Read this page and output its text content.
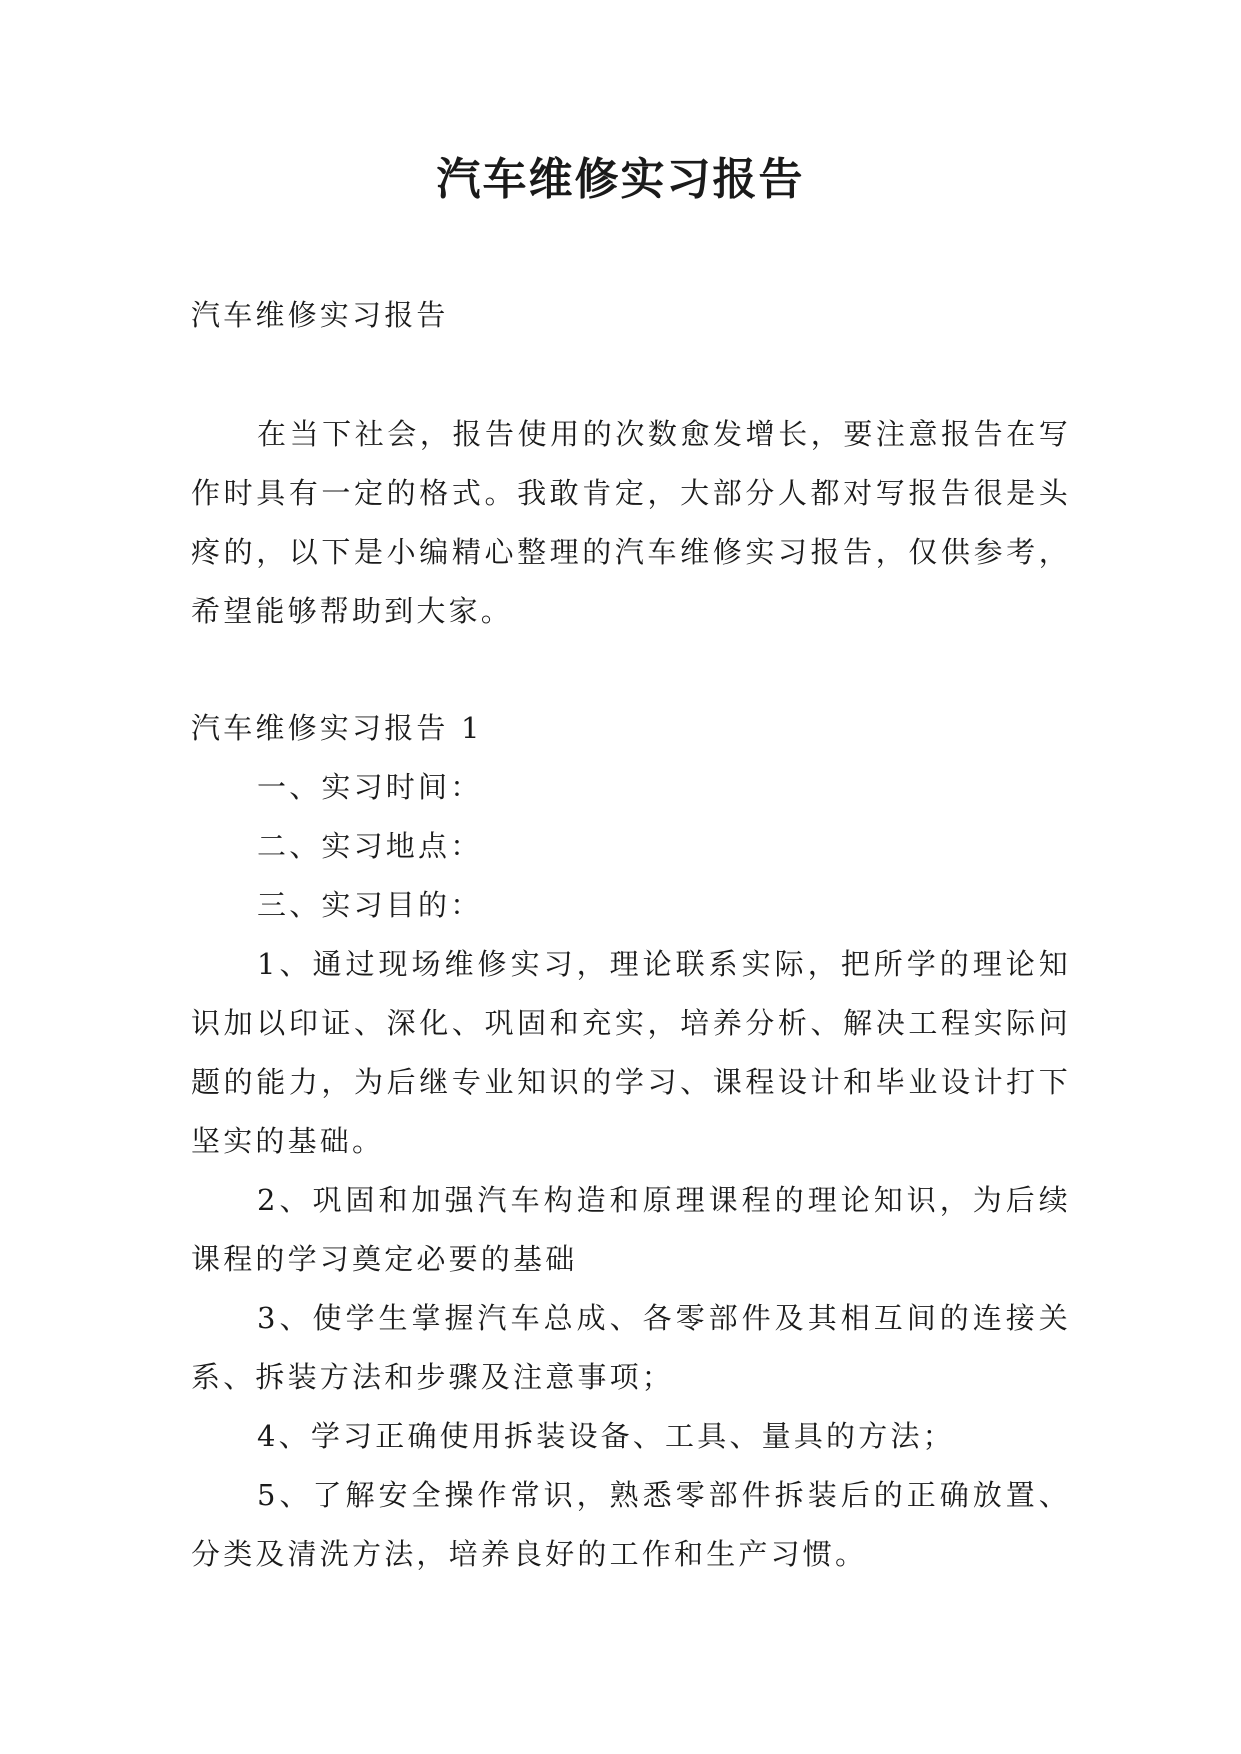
汽车维修实习报告

汽车维修实习报告

在当下社会，报告使用的次数愈发增长，要注意报告在写作时具有一定的格式。我敢肯定，大部分人都对写报告很是头疼的，以下是小编精心整理的汽车维修实习报告，仅供参考，希望能够帮助到大家。

汽车维修实习报告 1

一、实习时间：

二、实习地点：

三、实习目的：

1、通过现场维修实习，理论联系实际，把所学的理论知识加以印证、深化、巩固和充实，培养分析、解决工程实际问题的能力，为后继专业知识的学习、课程设计和毕业设计打下坚实的基础。

2、巩固和加强汽车构造和原理课程的理论知识，为后续课程的学习奠定必要的基础

3、使学生掌握汽车总成、各零部件及其相互间的连接关系、拆装方法和步骤及注意事项；

4、学习正确使用拆装设备、工具、量具的方法；

5、了解安全操作常识，熟悉零部件拆装后的正确放置、分类及清洗方法，培养良好的工作和生产习惯。
